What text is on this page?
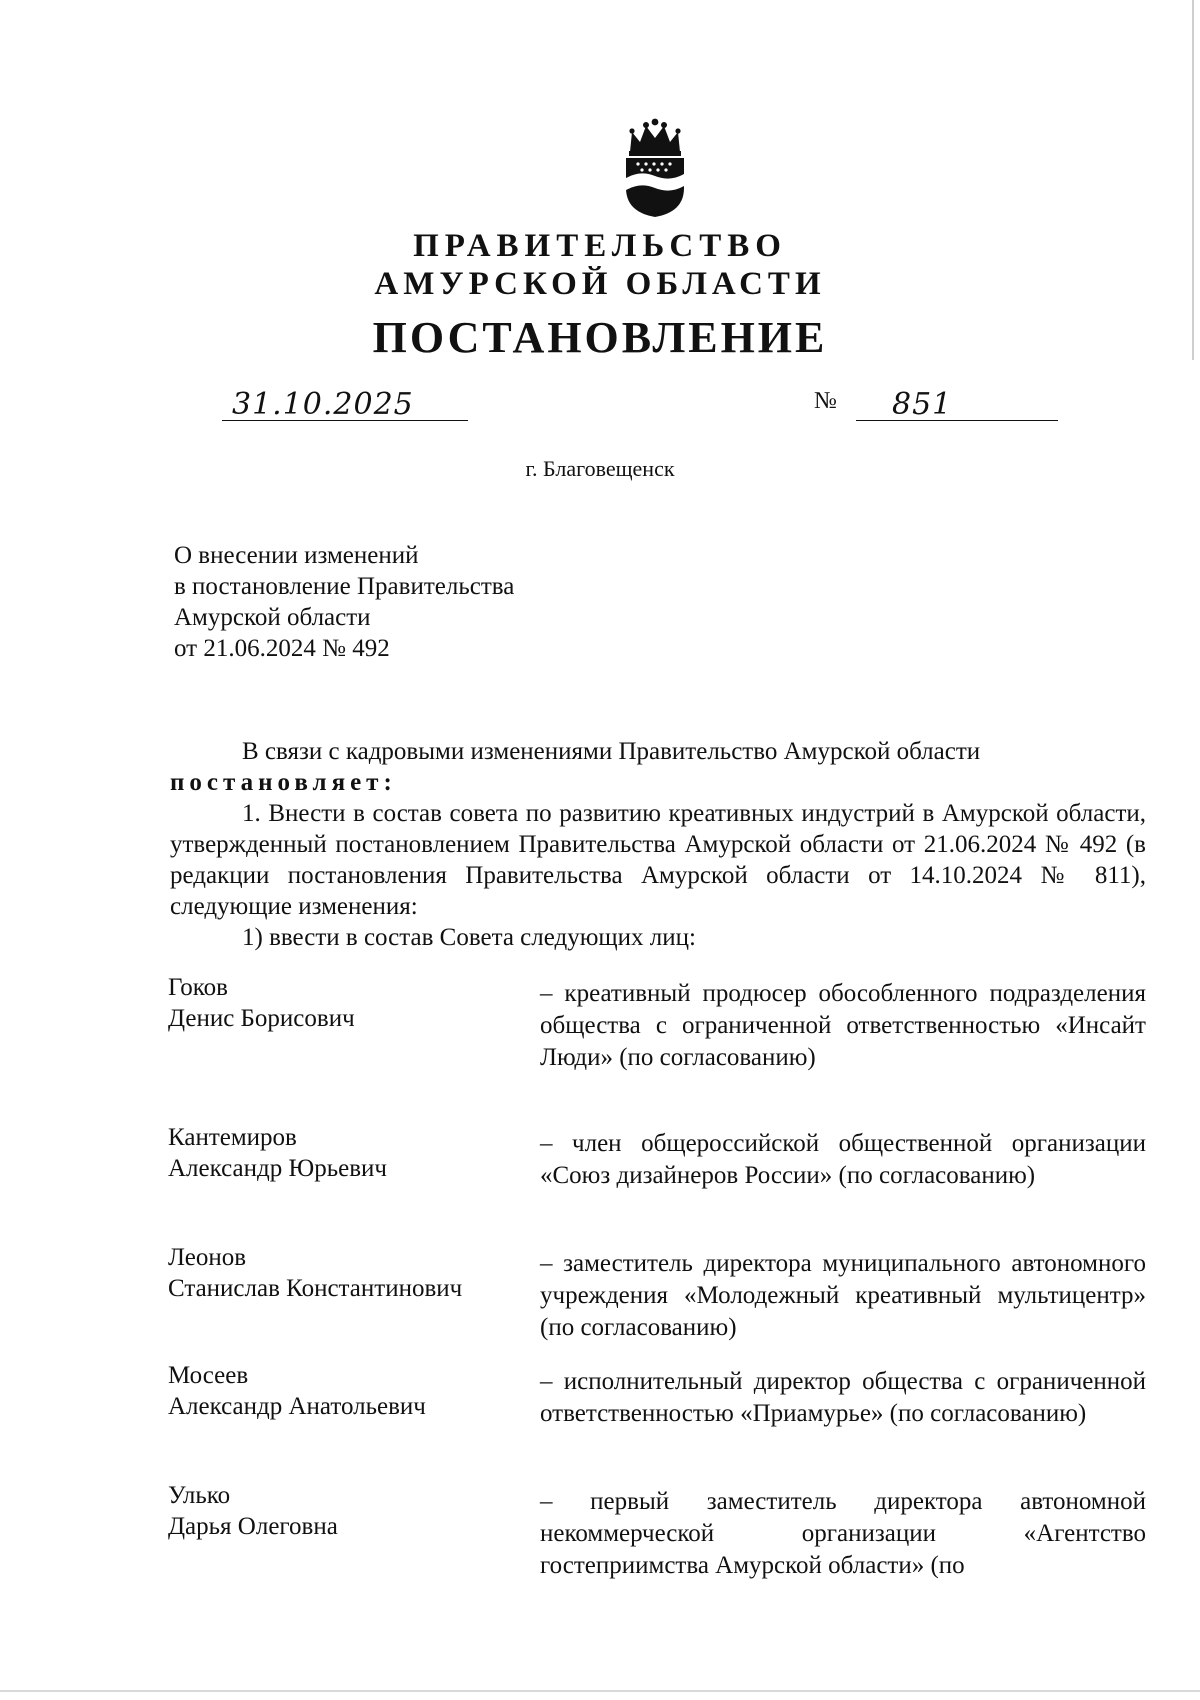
ПРАВИТЕЛЬСТВО
АМУРСКОЙ ОБЛАСТИ
ПОСТАНОВЛЕНИЕ
31.10.2025	№ 851
г. Благовещенск
О внесении изменений
в постановление Правительства
Амурской области
от 21.06.2024 № 492

В связи с кадровыми изменениями Правительство Амурской области

постановляет:

1. Внести в состав совета по развитию креативных индустрий в Амурской области, утвержденный постановлением Правительства Амурской области от 21.06.2024 № 492 (в редакции постановления Правительства Амурской области от 14.10.2024 № 811), следующие изменения:

1) ввести в состав Совета следующих лиц:

Гоков
Денис Борисович
– креативный продюсер обособленного подразделения общества с ограниченной ответственностью «Инсайт Люди» (по согласованию)
Кантемиров
Александр Юрьевич
– член общероссийской общественной организации «Союз дизайнеров России» (по согласованию)
Леонов
Станислав Константинович
– заместитель директора муниципального автономного учреждения «Молодежный креативный мультицентр» (по согласованию)
Мосеев
Александр Анатольевич
– исполнительный директор общества с ограниченной ответственностью «Приамурье» (по согласованию)
Улько
Дарья Олеговна
– первый заместитель директора автономной некоммерческой организации «Агентство гостеприимства Амурской области» (по
